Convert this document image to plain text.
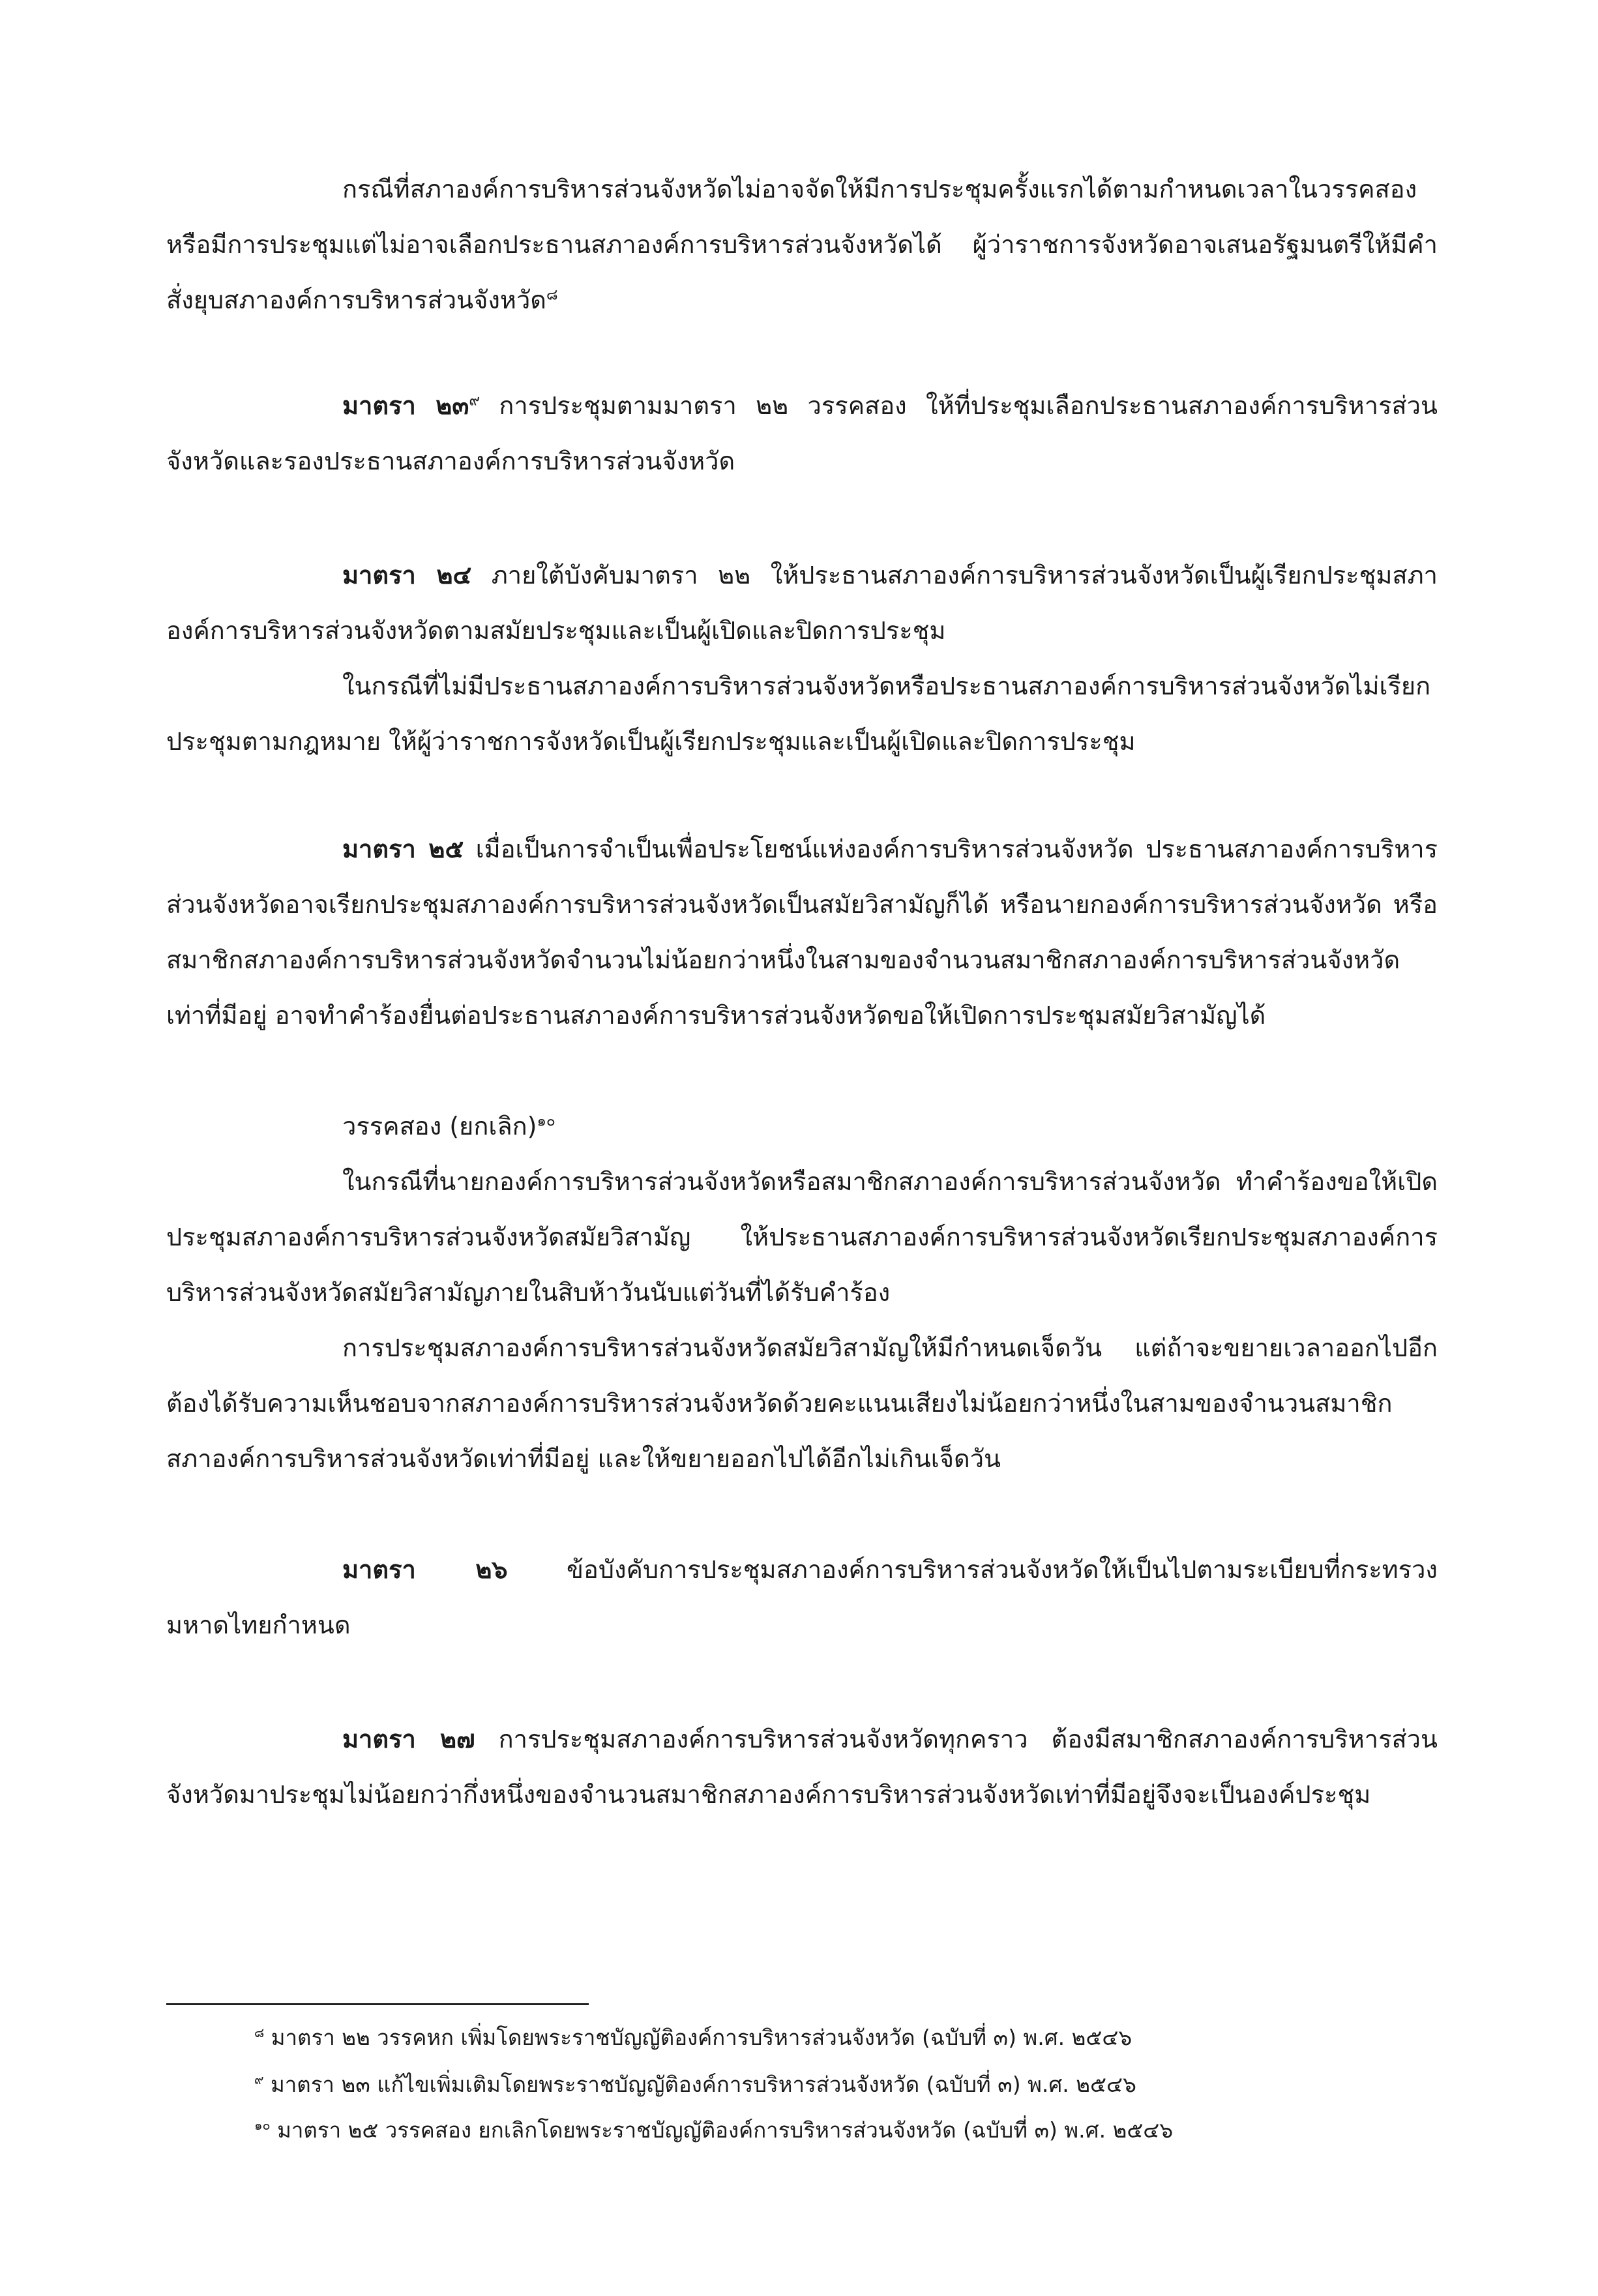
กรณีที่สภาองค์การบริหารส่วนจังหวัดไม่อาจจัดให้มีการประชุมครั้งแรกได้ตามกำหนดเวลาในวรรคสองหรือมีการประชุมแต่ไม่อาจเลือกประธานสภาองค์การบริหารส่วนจังหวัดได้ ผู้ว่าราชการจังหวัดอาจเสนอรัฐมนตรีให้มีคำสั่งยุบสภาองค์การบริหารส่วนจังหวัด$^๘$

มาตรา ๒๓$^๙$ การประชุมตามมาตรา ๒๒ วรรคสอง ให้ที่ประชุมเลือกประธานสภาองค์การบริหารส่วนจังหวัดและรองประธานสภาองค์การบริหารส่วนจังหวัด

มาตรา ๒๔ ภายใต้บังคับมาตรา ๒๒ ให้ประธานสภาองค์การบริหารส่วนจังหวัดเป็นผู้เรียกประชุมสภาองค์การบริหารส่วนจังหวัดตามสมัยประชุมและเป็นผู้เปิดและปิดการประชุม

ในกรณีที่ไม่มีประธานสภาองค์การบริหารส่วนจังหวัดหรือประธานสภาองค์การบริหารส่วนจังหวัดไม่เรียกประชุมตามกฎหมาย ให้ผู้ว่าราชการจังหวัดเป็นผู้เรียกประชุมและเป็นผู้เปิดและปิดการประชุม

มาตรา ๒๕ เมื่อเป็นการจำเป็นเพื่อประโยชน์แห่งองค์การบริหารส่วนจังหวัด ประธานสภาองค์การบริหารส่วนจังหวัดอาจเรียกประชุมสภาองค์การบริหารส่วนจังหวัดเป็นสมัยวิสามัญก็ได้ หรือนายกองค์การบริหารส่วนจังหวัด หรือสมาชิกสภาองค์การบริหารส่วนจังหวัดจำนวนไม่น้อยกว่าหนึ่งในสามของจำนวนสมาชิกสภาองค์การบริหารส่วนจังหวัดเท่าที่มีอยู่ อาจทำคำร้องยื่นต่อประธานสภาองค์การบริหารส่วนจังหวัดขอให้เปิดการประชุมสมัยวิสามัญได้

วรรคสอง (ยกเลิก)$^{๑๐}$

ในกรณีที่นายกองค์การบริหารส่วนจังหวัดหรือสมาชิกสภาองค์การบริหารส่วนจังหวัด ทำคำร้องขอให้เปิดประชุมสภาองค์การบริหารส่วนจังหวัดสมัยวิสามัญ ให้ประธานสภาองค์การบริหารส่วนจังหวัดเรียกประชุมสภาองค์การบริหารส่วนจังหวัดสมัยวิสามัญภายในสิบห้าวันนับแต่วันที่ได้รับคำร้อง

การประชุมสภาองค์การบริหารส่วนจังหวัดสมัยวิสามัญให้มีกำหนดเจ็ดวัน แต่ถ้าจะขยายเวลาออกไปอีกต้องได้รับความเห็นชอบจากสภาองค์การบริหารส่วนจังหวัดด้วยคะแนนเสียงไม่น้อยกว่าหนึ่งในสามของจำนวนสมาชิกสภาองค์การบริหารส่วนจังหวัดเท่าที่มีอยู่ และให้ขยายออกไปได้อีกไม่เกินเจ็ดวัน

มาตรา ๒๖ ข้อบังคับการประชุมสภาองค์การบริหารส่วนจังหวัดให้เป็นไปตามระเบียบที่กระทรวงมหาดไทยกำหนด

มาตรา ๒๗ การประชุมสภาองค์การบริหารส่วนจังหวัดทุกคราว ต้องมีสมาชิกสภาองค์การบริหารส่วนจังหวัดมาประชุมไม่น้อยกว่ากึ่งหนึ่งของจำนวนสมาชิกสภาองค์การบริหารส่วนจังหวัดเท่าที่มีอยู่จึงจะเป็นองค์ประชุม

$^๘$ มาตรา ๒๒ วรรคหก เพิ่มโดยพระราชบัญญัติองค์การบริหารส่วนจังหวัด (ฉบับที่ ๓) พ.ศ. ๒๕๔๖

$^๙$ มาตรา ๒๓ แก้ไขเพิ่มเติมโดยพระราชบัญญัติองค์การบริหารส่วนจังหวัด (ฉบับที่ ๓) พ.ศ. ๒๕๔๖

$^{๑๐}$ มาตรา ๒๕ วรรคสอง ยกเลิกโดยพระราชบัญญัติองค์การบริหารส่วนจังหวัด (ฉบับที่ ๓) พ.ศ. ๒๕๔๖
